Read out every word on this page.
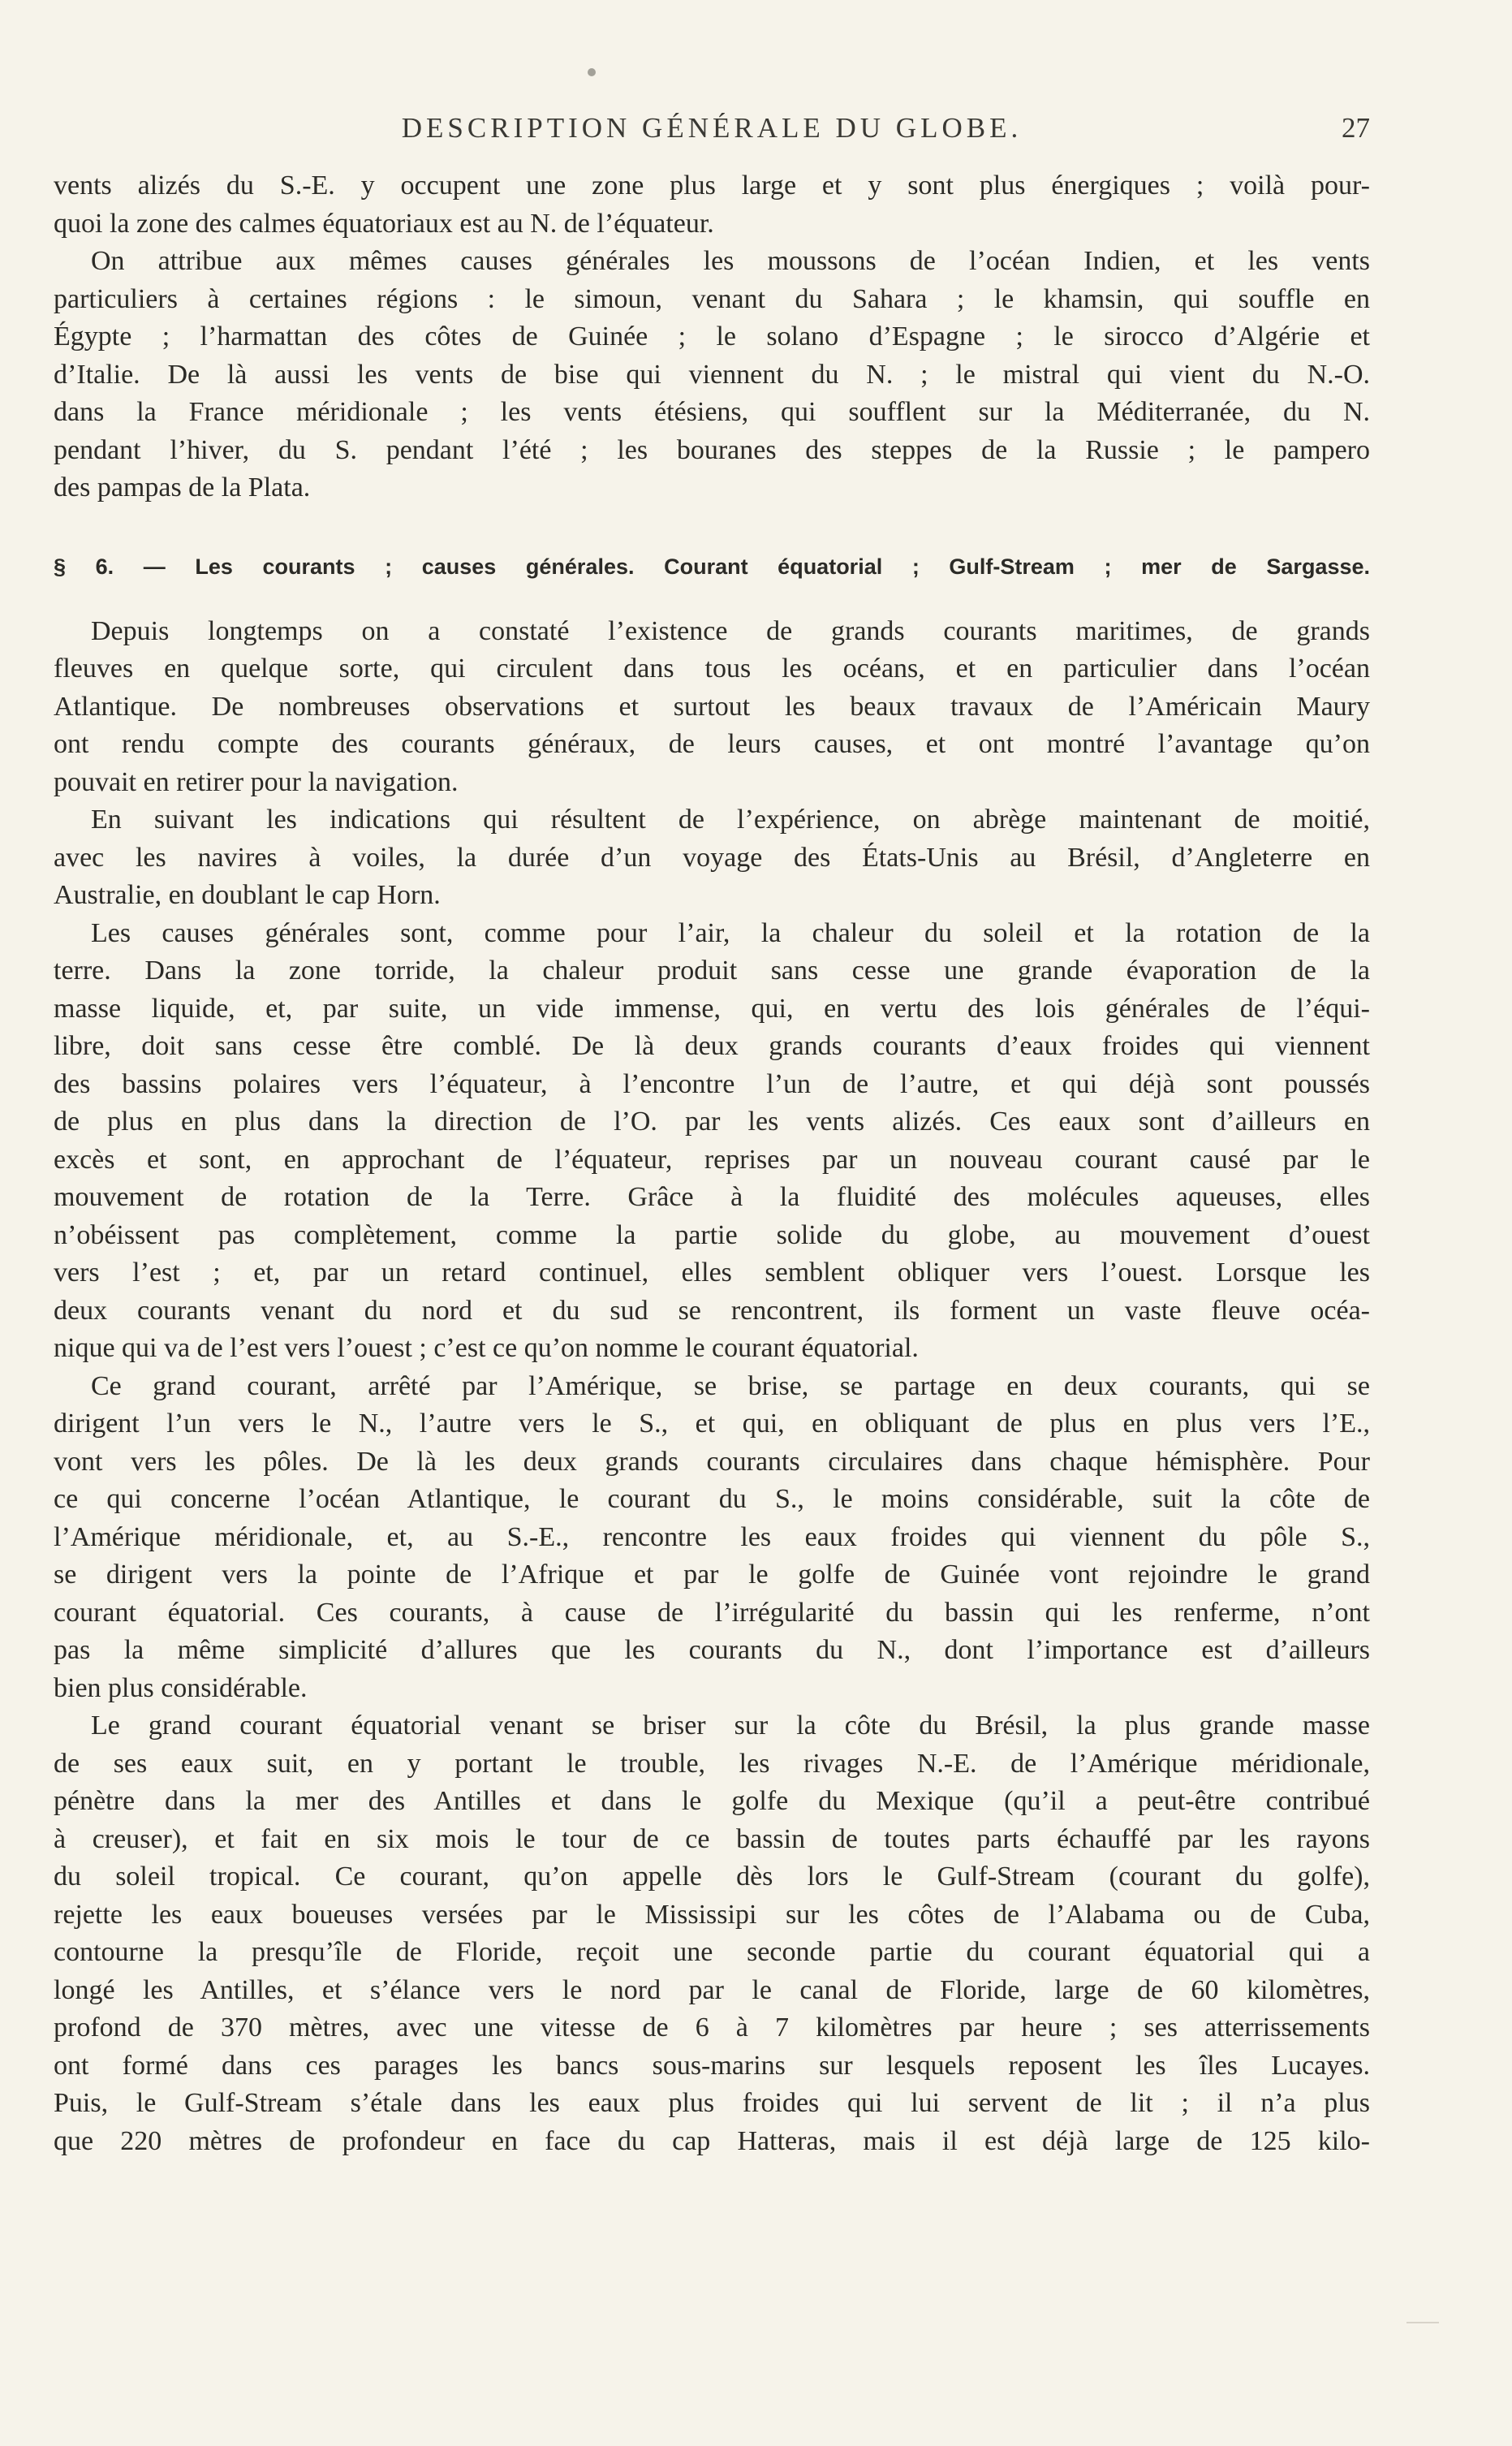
DESCRIPTION GÉNÉRALE DU GLOBE.	27
vents alizés du S.-E. y occupent une zone plus large et y sont plus énergiques ; voilà pour-
quoi la zone des calmes équatoriaux est au N. de l’équateur.
On attribue aux mêmes causes générales les moussons de l’océan Indien, et les vents
particuliers à certaines régions : le simoun, venant du Sahara ; le khamsin, qui souffle en
Égypte ; l’harmattan des côtes de Guinée ; le solano d’Espagne ; le sirocco d’Algérie et
d’Italie. De là aussi les vents de bise qui viennent du N. ; le mistral qui vient du N.-O.
dans la France méridionale ; les vents étésiens, qui soufflent sur la Méditerranée, du N.
pendant l’hiver, du S. pendant l’été ; les bouranes des steppes de la Russie ; le pampero
des pampas de la Plata.
§ 6. — Les courants ; causes générales. Courant équatorial ; Gulf-Stream ; mer de Sargasse.
Depuis longtemps on a constaté l’existence de grands courants maritimes, de grands
fleuves en quelque sorte, qui circulent dans tous les océans, et en particulier dans l’océan
Atlantique. De nombreuses observations et surtout les beaux travaux de l’Américain Maury
ont rendu compte des courants généraux, de leurs causes, et ont montré l’avantage qu’on
pouvait en retirer pour la navigation.
En suivant les indications qui résultent de l’expérience, on abrège maintenant de moitié,
avec les navires à voiles, la durée d’un voyage des États-Unis au Brésil, d’Angleterre en
Australie, en doublant le cap Horn.
Les causes générales sont, comme pour l’air, la chaleur du soleil et la rotation de la
terre. Dans la zone torride, la chaleur produit sans cesse une grande évaporation de la
masse liquide, et, par suite, un vide immense, qui, en vertu des lois générales de l’équi-
libre, doit sans cesse être comblé. De là deux grands courants d’eaux froides qui viennent
des bassins polaires vers l’équateur, à l’encontre l’un de l’autre, et qui déjà sont poussés
de plus en plus dans la direction de l’O. par les vents alizés. Ces eaux sont d’ailleurs en
excès et sont, en approchant de l’équateur, reprises par un nouveau courant causé par le
mouvement de rotation de la Terre. Grâce à la fluidité des molécules aqueuses, elles
n’obéissent pas complètement, comme la partie solide du globe, au mouvement d’ouest
vers l’est ; et, par un retard continuel, elles semblent obliquer vers l’ouest. Lorsque les
deux courants venant du nord et du sud se rencontrent, ils forment un vaste fleuve océa-
nique qui va de l’est vers l’ouest ; c’est ce qu’on nomme le courant équatorial.
Ce grand courant, arrêté par l’Amérique, se brise, se partage en deux courants, qui se
dirigent l’un vers le N., l’autre vers le S., et qui, en obliquant de plus en plus vers l’E.,
vont vers les pôles. De là les deux grands courants circulaires dans chaque hémisphère. Pour
ce qui concerne l’océan Atlantique, le courant du S., le moins considérable, suit la côte de
l’Amérique méridionale, et, au S.-E., rencontre les eaux froides qui viennent du pôle S.,
se dirigent vers la pointe de l’Afrique et par le golfe de Guinée vont rejoindre le grand
courant équatorial. Ces courants, à cause de l’irrégularité du bassin qui les renferme, n’ont
pas la même simplicité d’allures que les courants du N., dont l’importance est d’ailleurs
bien plus considérable.
Le grand courant équatorial venant se briser sur la côte du Brésil, la plus grande masse
de ses eaux suit, en y portant le trouble, les rivages N.-E. de l’Amérique méridionale,
pénètre dans la mer des Antilles et dans le golfe du Mexique (qu’il a peut-être contribué
à creuser), et fait en six mois le tour de ce bassin de toutes parts échauffé par les rayons
du soleil tropical. Ce courant, qu’on appelle dès lors le Gulf-Stream (courant du golfe),
rejette les eaux boueuses versées par le Mississipi sur les côtes de l’Alabama ou de Cuba,
contourne la presqu’île de Floride, reçoit une seconde partie du courant équatorial qui a
longé les Antilles, et s’élance vers le nord par le canal de Floride, large de 60 kilomètres,
profond de 370 mètres, avec une vitesse de 6 à 7 kilomètres par heure ; ses atterrissements
ont formé dans ces parages les bancs sous-marins sur lesquels reposent les îles Lucayes.
Puis, le Gulf-Stream s’étale dans les eaux plus froides qui lui servent de lit ; il n’a plus
que 220 mètres de profondeur en face du cap Hatteras, mais il est déjà large de 125 kilo-
